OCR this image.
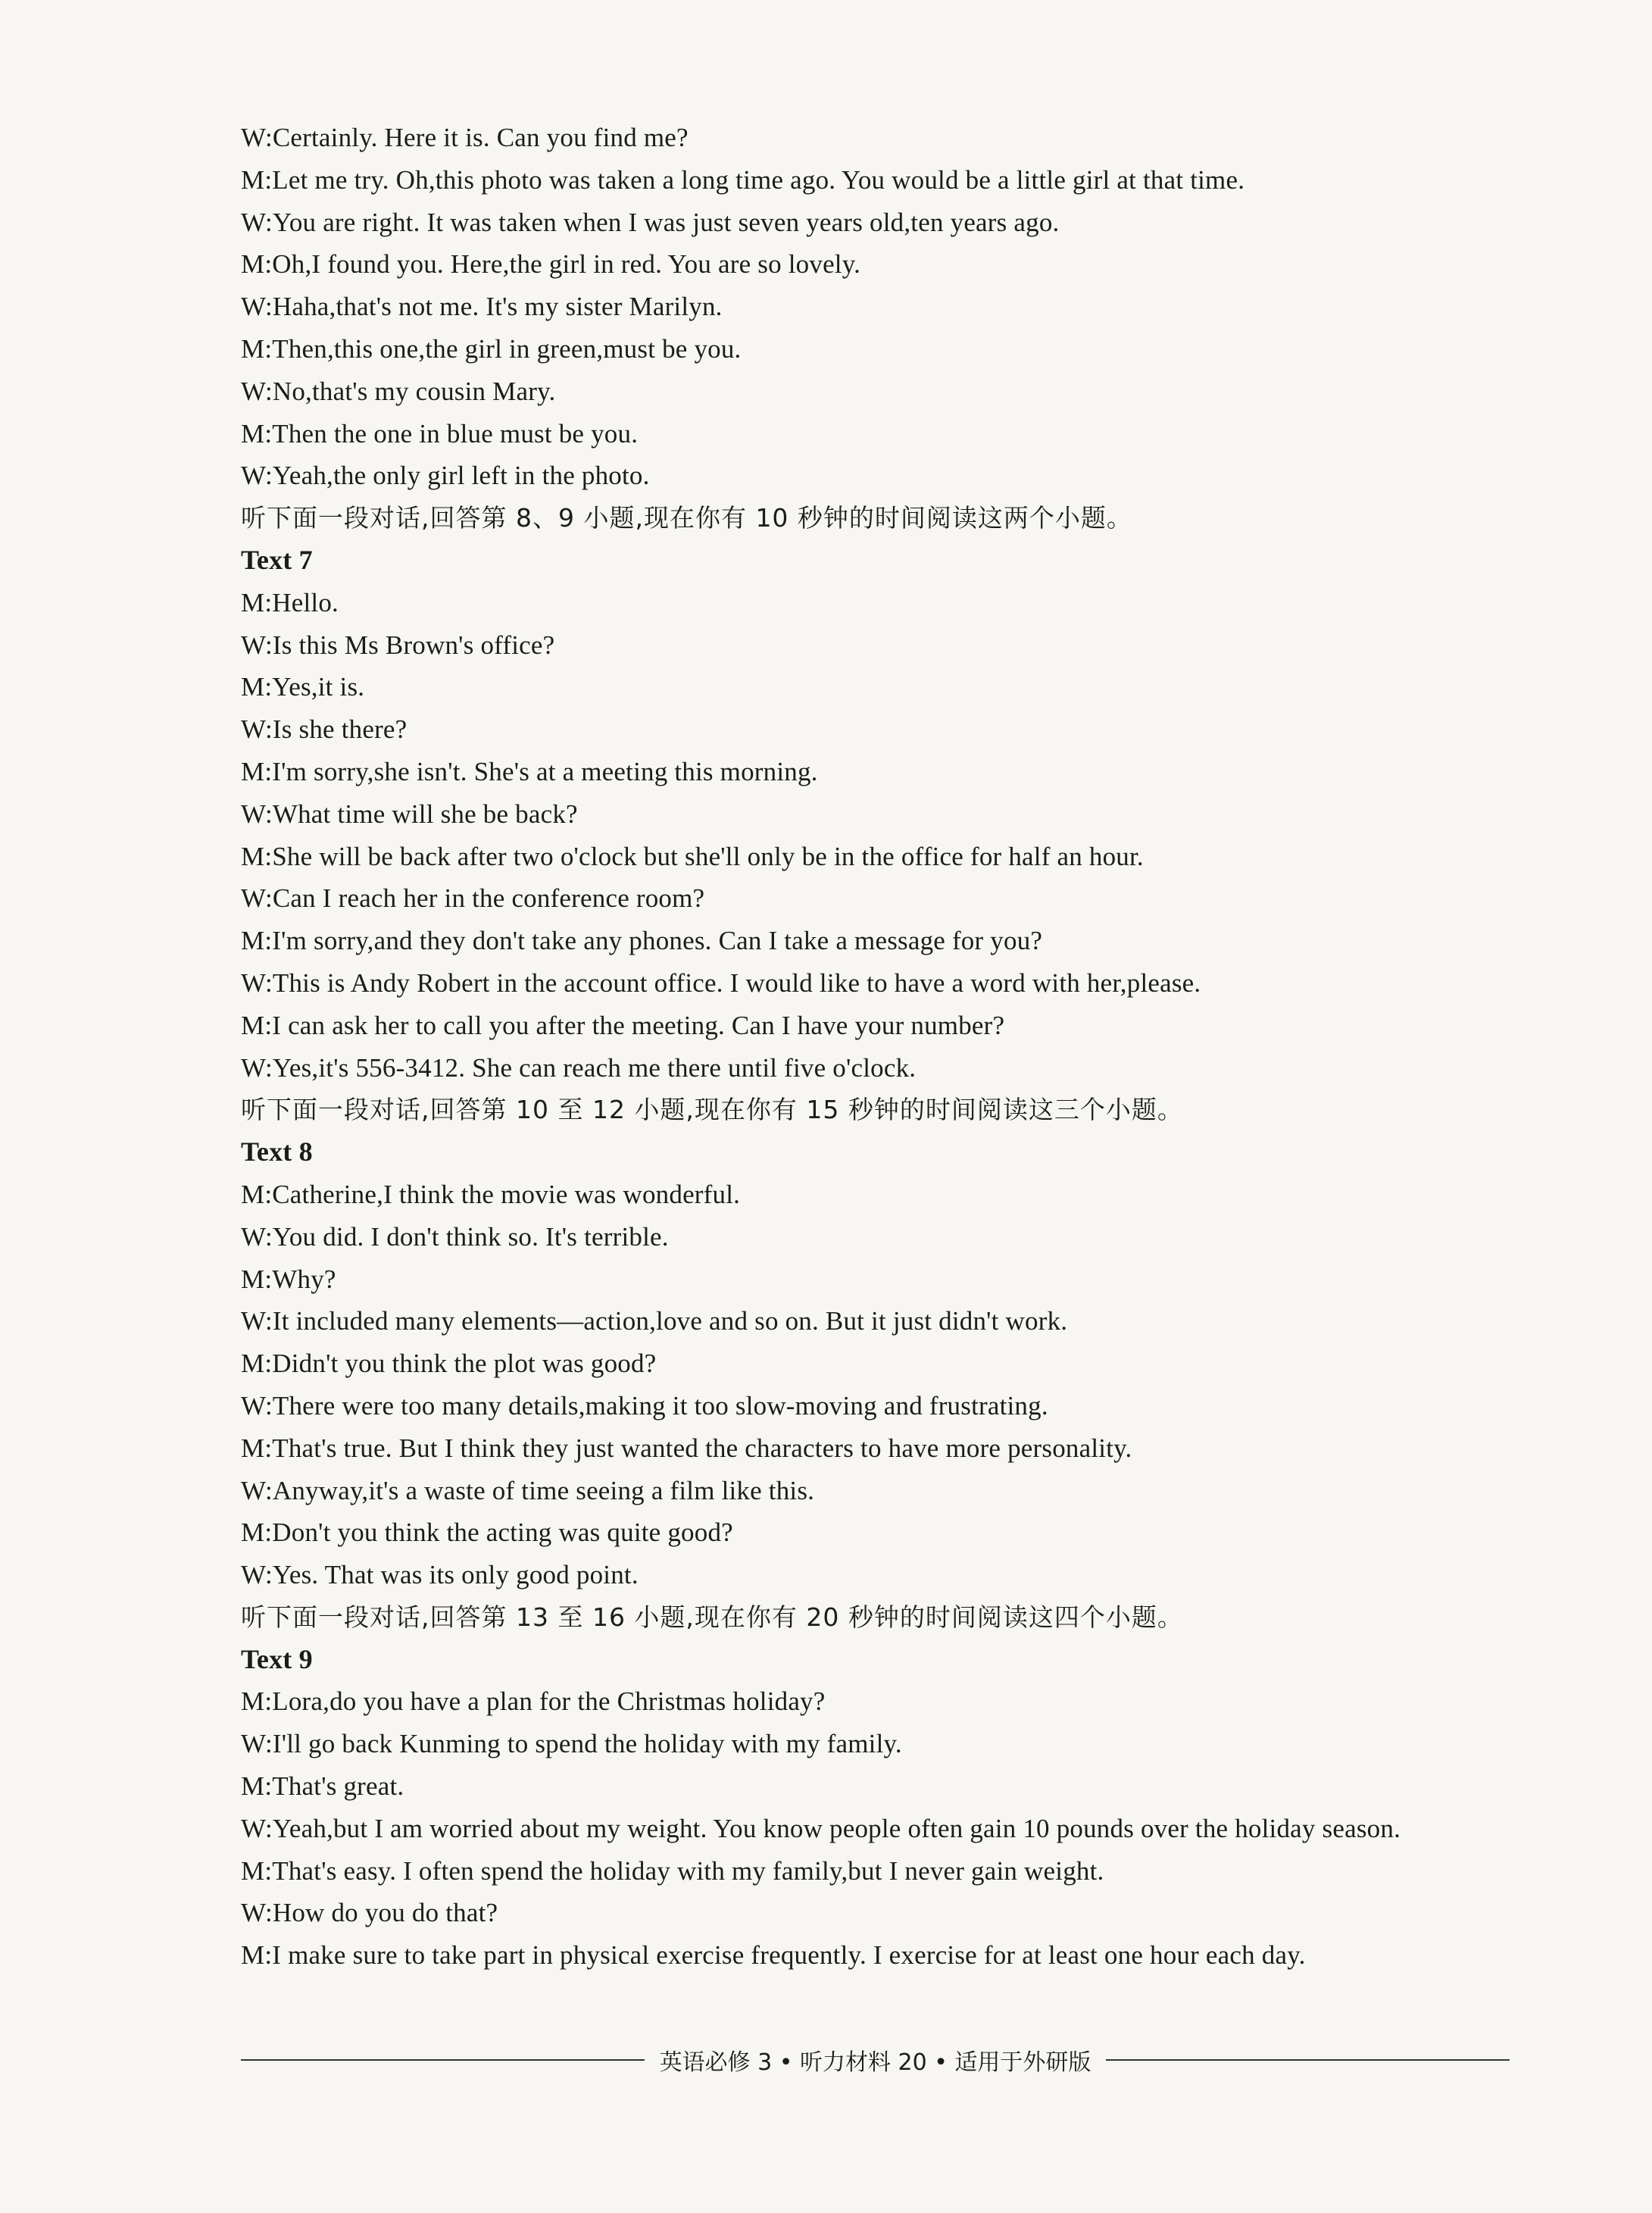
W:Certainly. Here it is. Can you find me?
M:Let me try. Oh,this photo was taken a long time ago. You would be a little girl at that time.
W:You are right. It was taken when I was just seven years old,ten years ago.
M:Oh,I found you. Here,the girl in red. You are so lovely.
W:Haha,that's not me. It's my sister Marilyn.
M:Then,this one,the girl in green,must be you.
W:No,that's my cousin Mary.
M:Then the one in blue must be you.
W:Yeah,the only girl left in the photo.
听下面一段对话,回答第 8、9 小题,现在你有 10 秒钟的时间阅读这两个小题。
Text 7
M:Hello.
W:Is this Ms Brown's office?
M:Yes,it is.
W:Is she there?
M:I'm sorry,she isn't. She's at a meeting this morning.
W:What time will she be back?
M:She will be back after two o'clock but she'll only be in the office for half an hour.
W:Can I reach her in the conference room?
M:I'm sorry,and they don't take any phones. Can I take a message for you?
W:This is Andy Robert in the account office. I would like to have a word with her,please.
M:I can ask her to call you after the meeting. Can I have your number?
W:Yes,it's 556-3412. She can reach me there until five o'clock.
听下面一段对话,回答第 10 至 12 小题,现在你有 15 秒钟的时间阅读这三个小题。
Text 8
M:Catherine,I think the movie was wonderful.
W:You did. I don't think so. It's terrible.
M:Why?
W:It included many elements—action,love and so on. But it just didn't work.
M:Didn't you think the plot was good?
W:There were too many details,making it too slow-moving and frustrating.
M:That's true. But I think they just wanted the characters to have more personality.
W:Anyway,it's a waste of time seeing a film like this.
M:Don't you think the acting was quite good?
W:Yes. That was its only good point.
听下面一段对话,回答第 13 至 16 小题,现在你有 20 秒钟的时间阅读这四个小题。
Text 9
M:Lora,do you have a plan for the Christmas holiday?
W:I'll go back Kunming to spend the holiday with my family.
M:That's great.
W:Yeah,but I am worried about my weight. You know people often gain 10 pounds over the holiday season.
M:That's easy. I often spend the holiday with my family,but I never gain weight.
W:How do you do that?
M:I make sure to take part in physical exercise frequently. I exercise for at least one hour each day.
英语必修 3 • 听力材料 20 • 适用于外研版
